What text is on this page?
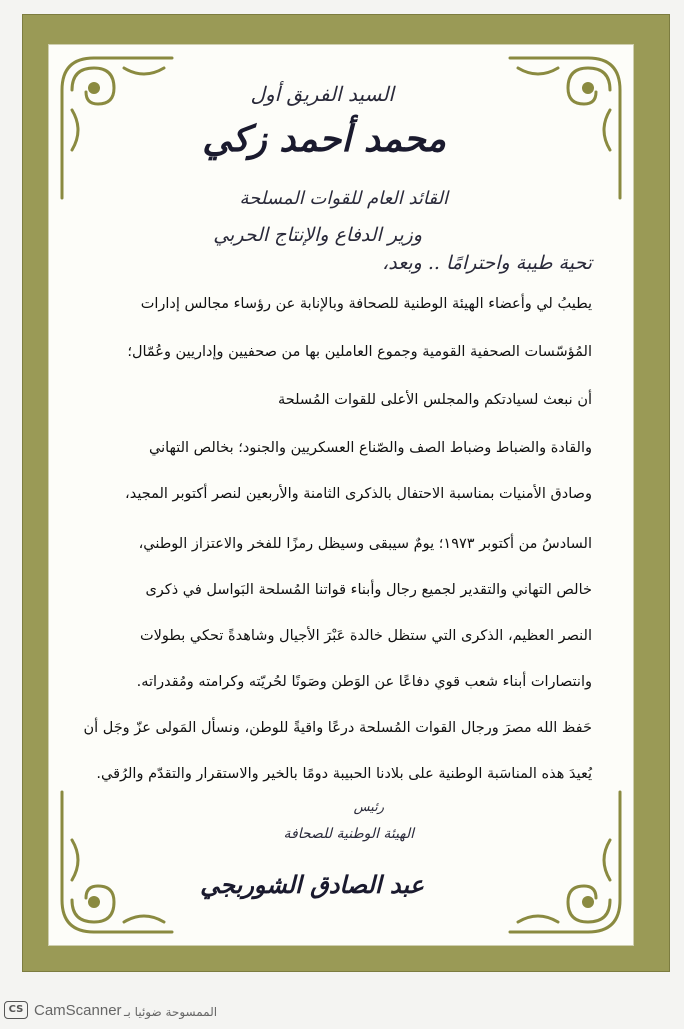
السيد الفريق أول
محمد أحمد زكي
القائد العام للقوات المسلحة
وزير الدفاع والإنتاج الحربي
تحية طيبة واحترامًا .. وبعد،
يطيبُ لي وأعضاء الهيئة الوطنية للصحافة وبالإنابة عن رؤساء مجالس إدارات
المُؤسّسات الصحفية القومية وجموع العاملين بها من صحفيين وإداريين وعُمّال؛
أن نبعث لسيادتكم والمجلس الأعلى للقوات المُسلحة
والقادة والضباط وضباط الصف والصّناع العسكريين والجنود؛ بخالص التهاني
وصادق الأمنيات بمناسبة الاحتفال بالذكرى الثامنة والأربعين لنصر أكتوبر المجيد،
السادسُ من أكتوبر ١٩٧٣؛ يومٌ سيبقى وسيظل رمزًا للفخر والاعتزاز الوطني،
خالص التهاني والتقدير لجميع رجال وأبناء قواتنا المُسلحة البَواسل في ذكرى
النصر العظيم، الذكرى التي ستظل خالدة عَبْرَ الأجيال وشاهدةً تحكي بطولات
وانتصارات أبناء شعب قوي دفاعًا عن الوَطن وصَونًا لحُريّته وكرامته ومُقدراته.
حَفظ الله مصرَ ورجال القوات المُسلحة درعًا واقيةً للوطن، ونسأل المَولى عزّ وجَل أن
يُعيدَ هذه المناسَبة الوطنية على بلادنا الحبيبة دومًا بالخير والاستقرار والتقدّم والرُقي.
رئيس
الهيئة الوطنية للصحافة
عبد الصادق الشوربجي
CS CamScanner الممسوحة ضوئيا بـ
